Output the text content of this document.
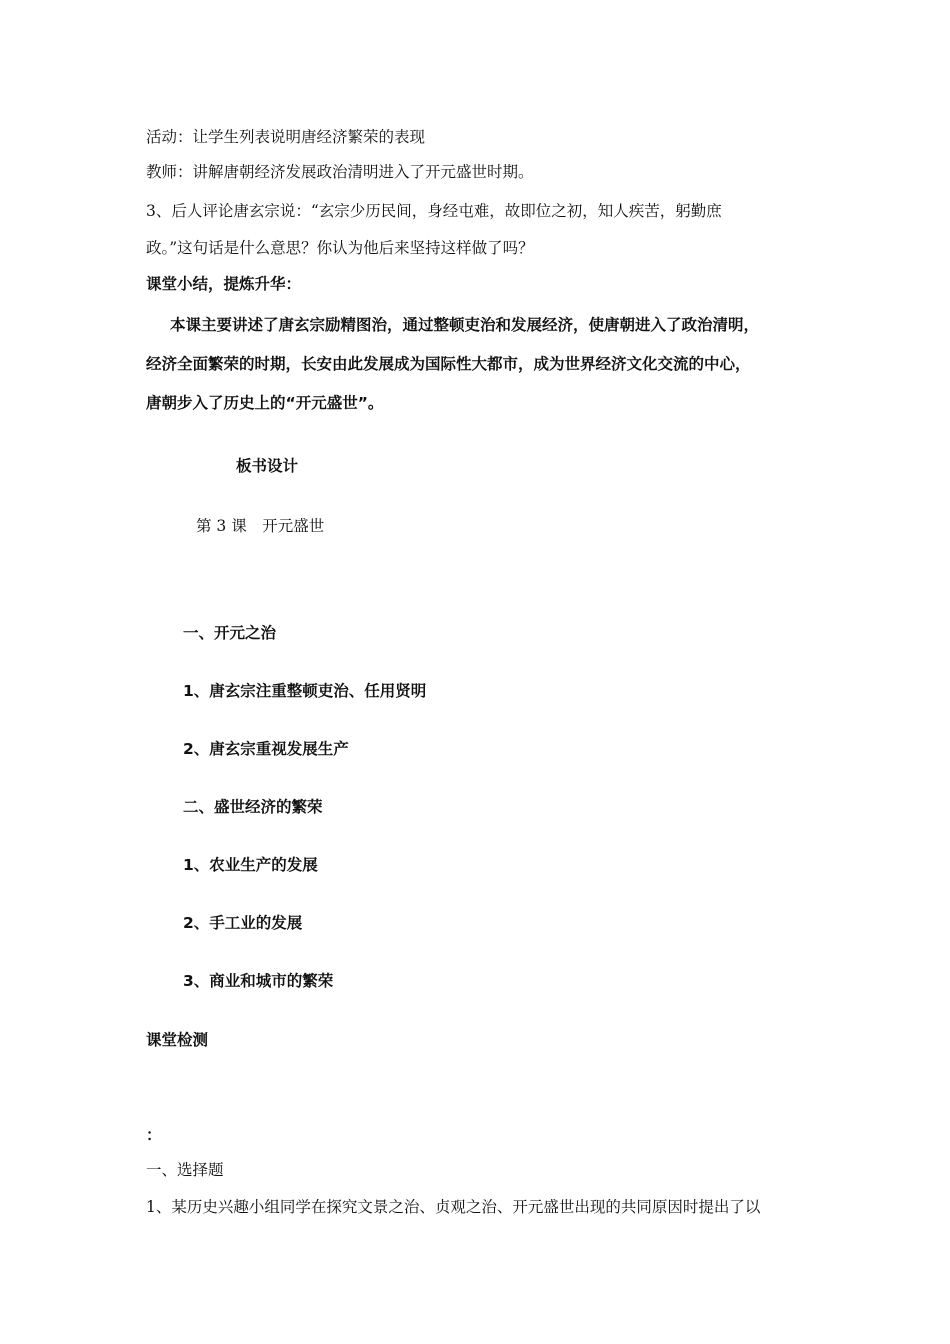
活动：让学生列表说明唐经济繁荣的表现
教师：讲解唐朝经济发展政治清明进入了开元盛世时期。
3、后人评论唐玄宗说：“玄宗少历民间，身经屯难，故即位之初，知人疾苦，躬勤庶
政。”这句话是什么意思？你认为他后来坚持这样做了吗？
课堂小结，提炼升华：
本课主要讲述了唐玄宗励精图治，通过整顿吏治和发展经济，使唐朝进入了政治清明，
经济全面繁荣的时期，长安由此发展成为国际性大都市，成为世界经济文化交流的中心，
唐朝步入了历史上的“开元盛世”。
板书设计
第 3 课　开元盛世
一、开元之治
1、唐玄宗注重整顿吏治、任用贤明
2、唐玄宗重视发展生产
二、盛世经济的繁荣
1、农业生产的发展
2、手工业的发展
3、商业和城市的繁荣
课堂检测
：
一、选择题
1、某历史兴趣小组同学在探究文景之治、贞观之治、开元盛世出现的共同原因时提出了以
